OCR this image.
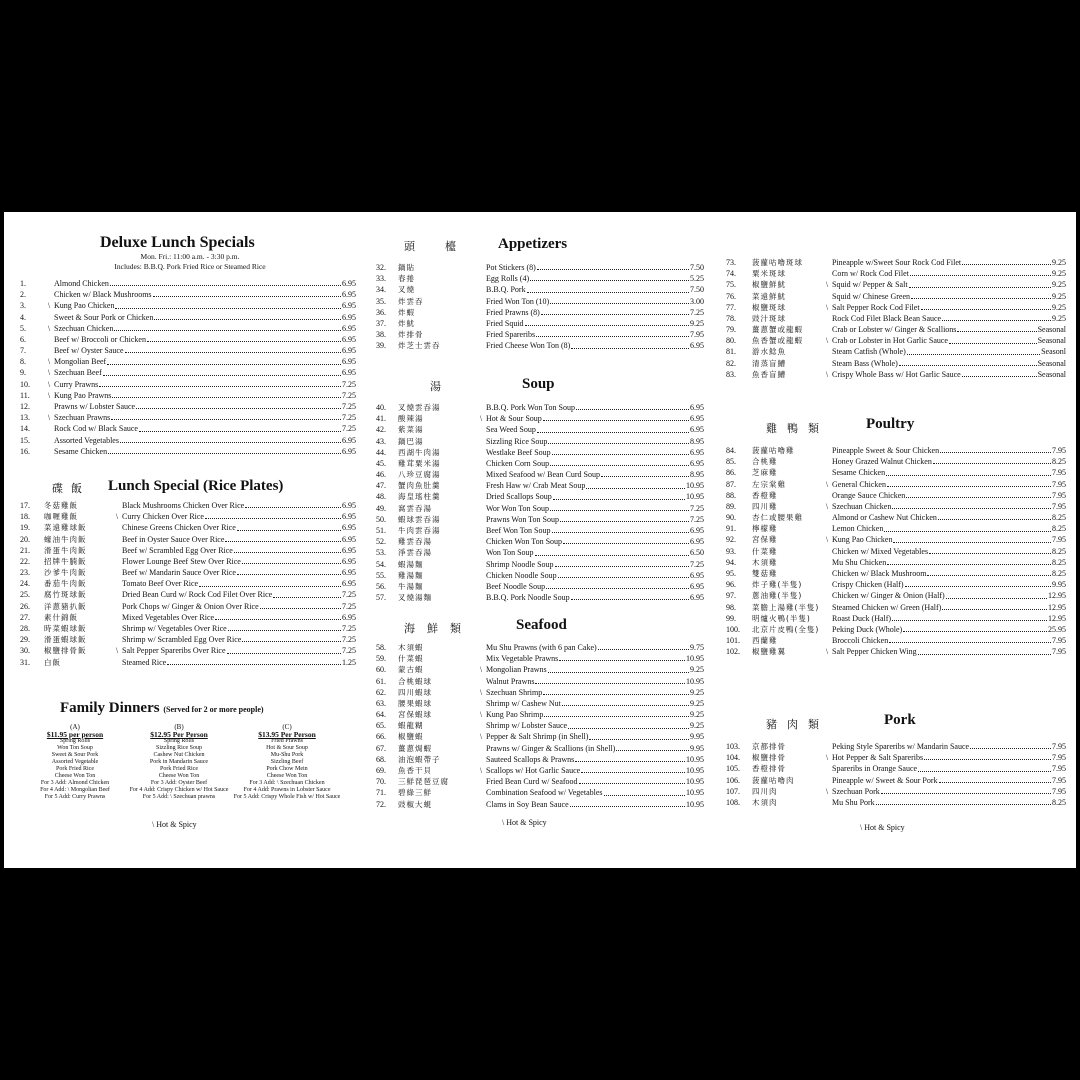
Deluxe Lunch Specials
Mon. Fri.: 11:00 a.m. - 3:30 p.m.
Includes: B.B.Q. Pork Fried Rice or Steamed Rice
1.	Almond Chicken	6.95
2.	Chicken w/ Black Mushrooms	6.95
3.	\ Kung Pao Chicken	6.95
4.	Sweet & Sour Pork or Chicken	6.95
5.	\ Szechuan Chicken	6.95
6.	Beef w/ Broccoli or Chicken	6.95
7.	Beef w/ Oyster Sauce	6.95
8.	\ Mongolian Beef	6.95
9.	\ Szechuan Beef	6.95
10.	\ Curry Prawns	7.25
11.	\ Kung Pao Prawns	7.25
12.	Prawns w/ Lobster Sauce	7.25
13.	\ Szechuan Prawns	7.25
14.	Rock Cod w/ Black Sauce	7.25
15.	Assorted Vegetables	6.95
16.	Sesame Chicken	6.95
碟飯 Lunch Special (Rice Plates)
17.	冬菇雞飯	Black Mushrooms Chicken Over Rice	6.95
18.	咖喱雞飯	\ Curry Chicken Over Rice	6.95
19.	菜遠雞球飯	Chinese Greens Chicken Over Rice	6.95
20.	蠔油牛肉飯	Beef in Oyster Sauce Over Rice	6.95
21.	滑蛋牛肉飯	Beef w/ Scrambled Egg Over Rice	6.95
22.	招牌牛腩飯	Flower Lounge Beef Stew Over Rice	6.95
23.	沙爹牛肉飯	Beef w/ Mandarin Sauce Over Rice	6.95
24.	番茄牛肉飯	Tomato Beef Over Rice	6.95
25.	腐竹斑球飯	Dried Bean Curd w/ Rock Cod Filet Over Rice	7.25
26.	洋蔥豬扒飯	Pork Chops w/ Ginger & Onion Over Rice	7.25
27.	素什錦飯	Mixed Vegetables Over Rice	6.95
28.	時菜蝦球飯	Shrimp w/ Vegetables Over Rice	7.25
29.	滑蛋蝦球飯	Shrimp w/ Scrambled Egg Over Rice	7.25
30.	椒鹽排骨飯	\ Salt Pepper Spareribs Over Rice	7.25
31.	白飯	Steamed Rice	1.25
Family Dinners (Served for 2 or more people)
(A)
$11.95 per person
Spring Rolls
Won Ton Soup
Sweet & Sour Pork
Assorted Vegetable
Pork Fried Rice
Cheese Won Ton
For 3 Add: Almond Chicken
For 4 Add: \ Mongolian Beef
For 5 Add: Curry Prawns
(B)
$12.95 Per Person
Spring Rolls
Sizzling Rice Soup
Cashew Nut Chicken
Pork in Mandarin Sauce
Pork Fried Rice
Cheese Won Ton
For 3 Add: Oyster Beef
For 4 Add: Crispy Chicken w/ Hot Sauce
For 5 Add: \ Szechuan prawns
(C)
$13.95 Per Person
Fried Prawns
Hot & Sour Soup
Mu-Shu Pork
Sizzling Beef
Pork Chow Mein
Cheese Won Ton
For 3 Add: \ Szechuan Chicken
For 4 Add: Prawns in Lobster Sauce
For 5 Add: Crispy Whole Fish w/ Hot Sauce
\ Hot & Spicy
頭檯 Appetizers
32.	鍋貼	Pot Stickers (8)	7.50
33.	春捲	Egg Rolls (4)	5.25
34.	叉燒	B.B.Q. Pork	7.50
35.	炸雲吞	Fried Won Ton (10)	3.00
36.	炸蝦	Fried Prawns (8)	7.25
37.	炸魷	Fried Squid	9.25
38.	炸排骨	Fried Spareribs	7.95
39.	炸芝士雲吞	Fried Cheese Won Ton (8)	6.95
湯	Soup
40.	叉燒雲吞湯	B.B.Q. Pork Won Ton Soup	6.95
41.	酸辣湯	\ Hot & Sour Soup	6.95
42.	紫菜湯	Sea Weed Soup	6.95
43.	鍋巴湯	Sizzling Rice Soup	8.95
44.	西湖牛肉湯	Westlake Beef Soup	6.95
45.	雞茸粟米湯	Chicken Corn Soup	6.95
46.	八珍豆腐湯	Mixed Seafood w/ Bean Curd Soup	8.95
47.	蟹肉魚肚羹	Fresh Haw w/ Crab Meat Soup	10.95
48.	海皇瑤柱羹	Dried Scallops Soup	10.95
49.	窩雲吞湯	Wor Won Ton Soup	7.25
50.	蝦球雲吞湯	Prawns Won Ton Soup	7.25
51.	牛肉雲吞湯	Beef Won Ton Soup	6.95
52.	雞雲吞湯	Chicken Won Ton Soup	6.95
53.	淨雲吞湯	Won Ton Soup	6.50
54.	蝦湯麵	Shrimp Noodle Soup	7.25
55.	雞湯麵	Chicken Noodle Soup	6.95
56.	牛湯麵	Beef Noodle Soup	6.95
57.	叉燒湯麵	B.B.Q. Pork Noodle Soup	6.95
海鮮類	Seafood
58.	木須蝦	Mu Shu Prawns (with 6 pan Cake)	9.75
59.	什菜蝦	Mix Vegetable Prawns	10.95
60.	蒙古蝦	\ Mongolian Prawns	9.25
61.	合桃蝦球	Walnut Prawns	10.95
62.	四川蝦球	\ Szechuan Shrimp	9.25
63.	腰果蝦球	Shrimp w/ Cashew Nut	9.25
64.	宮保蝦球	\ Kung Pao Shrimp	9.25
65.	蝦龍糊	Shrimp w/ Lobster Sauce	9.25
66.	椒鹽蝦	\ Pepper & Salt Shrimp (in Shell)	9.95
67.	薑蔥焗蝦	Prawns w/ Ginger & Scallions (in Shell)	9.95
68.	油泡蝦帶子	Sauteed Scallops & Prawns	10.95
69.	魚香干貝	\ Scallops w/ Hot Garlic Sauce	10.95
70.	三鮮琵琶豆腐	Fried Bean Curd w/ Seafood	10.95
71.	碧綠三鮮	Combination Seafood w/ Vegetables	10.95
72.	豉椒大蜆	Clams in Soy Bean Sauce	10.95
\ Hot & Spicy
73.	菠蘿咕嚕斑球	Pineapple w/Sweet Sour Rock Cod Filet	9.25
74.	粟米斑球	Corn w/ Rock Cod Filet	9.25
75.	椒鹽鮮魷	\ Squid w/ Pepper & Salt	9.25
76.	菜遠鮮魷	Squid w/ Chinese Green	9.25
77.	椒鹽斑球	\ Salt Pepper Rock Cod Filet	9.25
78.	豉汁斑球	Rock Cod Filet Black Bean Sauce	9.25
79.	薑蔥蟹或龍蝦	Crab or Lobster w/ Ginger & Scallions	Seasonal
80.	魚香蟹或龍蝦	\ Crab or Lobster in Hot Garlic Sauce	Seasonal
81.	游水鯰魚	Steam Catfish (Whole)	Seasonl
82.	清蒸盲鰽	Steam Bass (Whole)	Seasonal
83.	魚香盲鰽	\ Crispy Whole Bass w/ Hot Garlic Sauce	Seasonal
雞鴨類 Poultry
84.	菠蘿咕嚕雞	Pineapple Sweet & Sour Chicken	7.95
85.	合桃雞	Honey Grazed Walnut Chicken	8.25
86.	芝麻雞	Sesame Chicken	7.95
87.	左宗棠雞	\ General Chicken	7.95
88.	香橙雞	Orange Sauce Chicken	7.95
89.	四川雞	\ Szechuan Chicken	7.95
90.	杏仁或腰果雞	Almond or Cashew Nut Chicken	8.25
91.	檸檬雞	Lemon Chicken	8.25
92.	宮保雞	\ Kung Pao Chicken	7.95
93.	什菜雞	Chicken w/ Mixed Vegetables	8.25
94.	木須雞	Mu Shu Chicken	8.25
95.	雙菇雞	Chicken w/ Black Mushroom	8.25
96.	炸子雞(半隻)	Crispy Chicken (Half)	9.95
97.	蔥油雞(半隻)	Chicken w/ Ginger & Onion (Half)	12.95
98.	菜膽上湯雞(半隻)	Steamed Chicken w/ Green (Half)	12.95
99.	明爐火鴨(半隻)	Roast Duck (Half)	12.95
100.	北京片皮鴨(全隻)	Peking Duck (Whole)	25.95
101.	西蘭雞	Broccoli Chicken	7.95
102.	椒鹽雞翼	\ Salt Pepper Chicken Wing	7.95
豬肉類	Pork
103.	京都排骨	Peking Style Spareribs w/ Mandarin Sauce	7.95
104.	椒鹽排骨	\ Hot Pepper & Salt Spareribs	7.95
105.	香橙排骨	Spareribs in Orange Sauce	7.95
106.	菠蘿咕嚕肉	Pineapple w/ Sweet & Sour Pork	7.95
107.	四川肉	\ Szechuan Pork	7.95
108.	木須肉	Mu Shu Pork	8.25
\ Hot & Spicy
